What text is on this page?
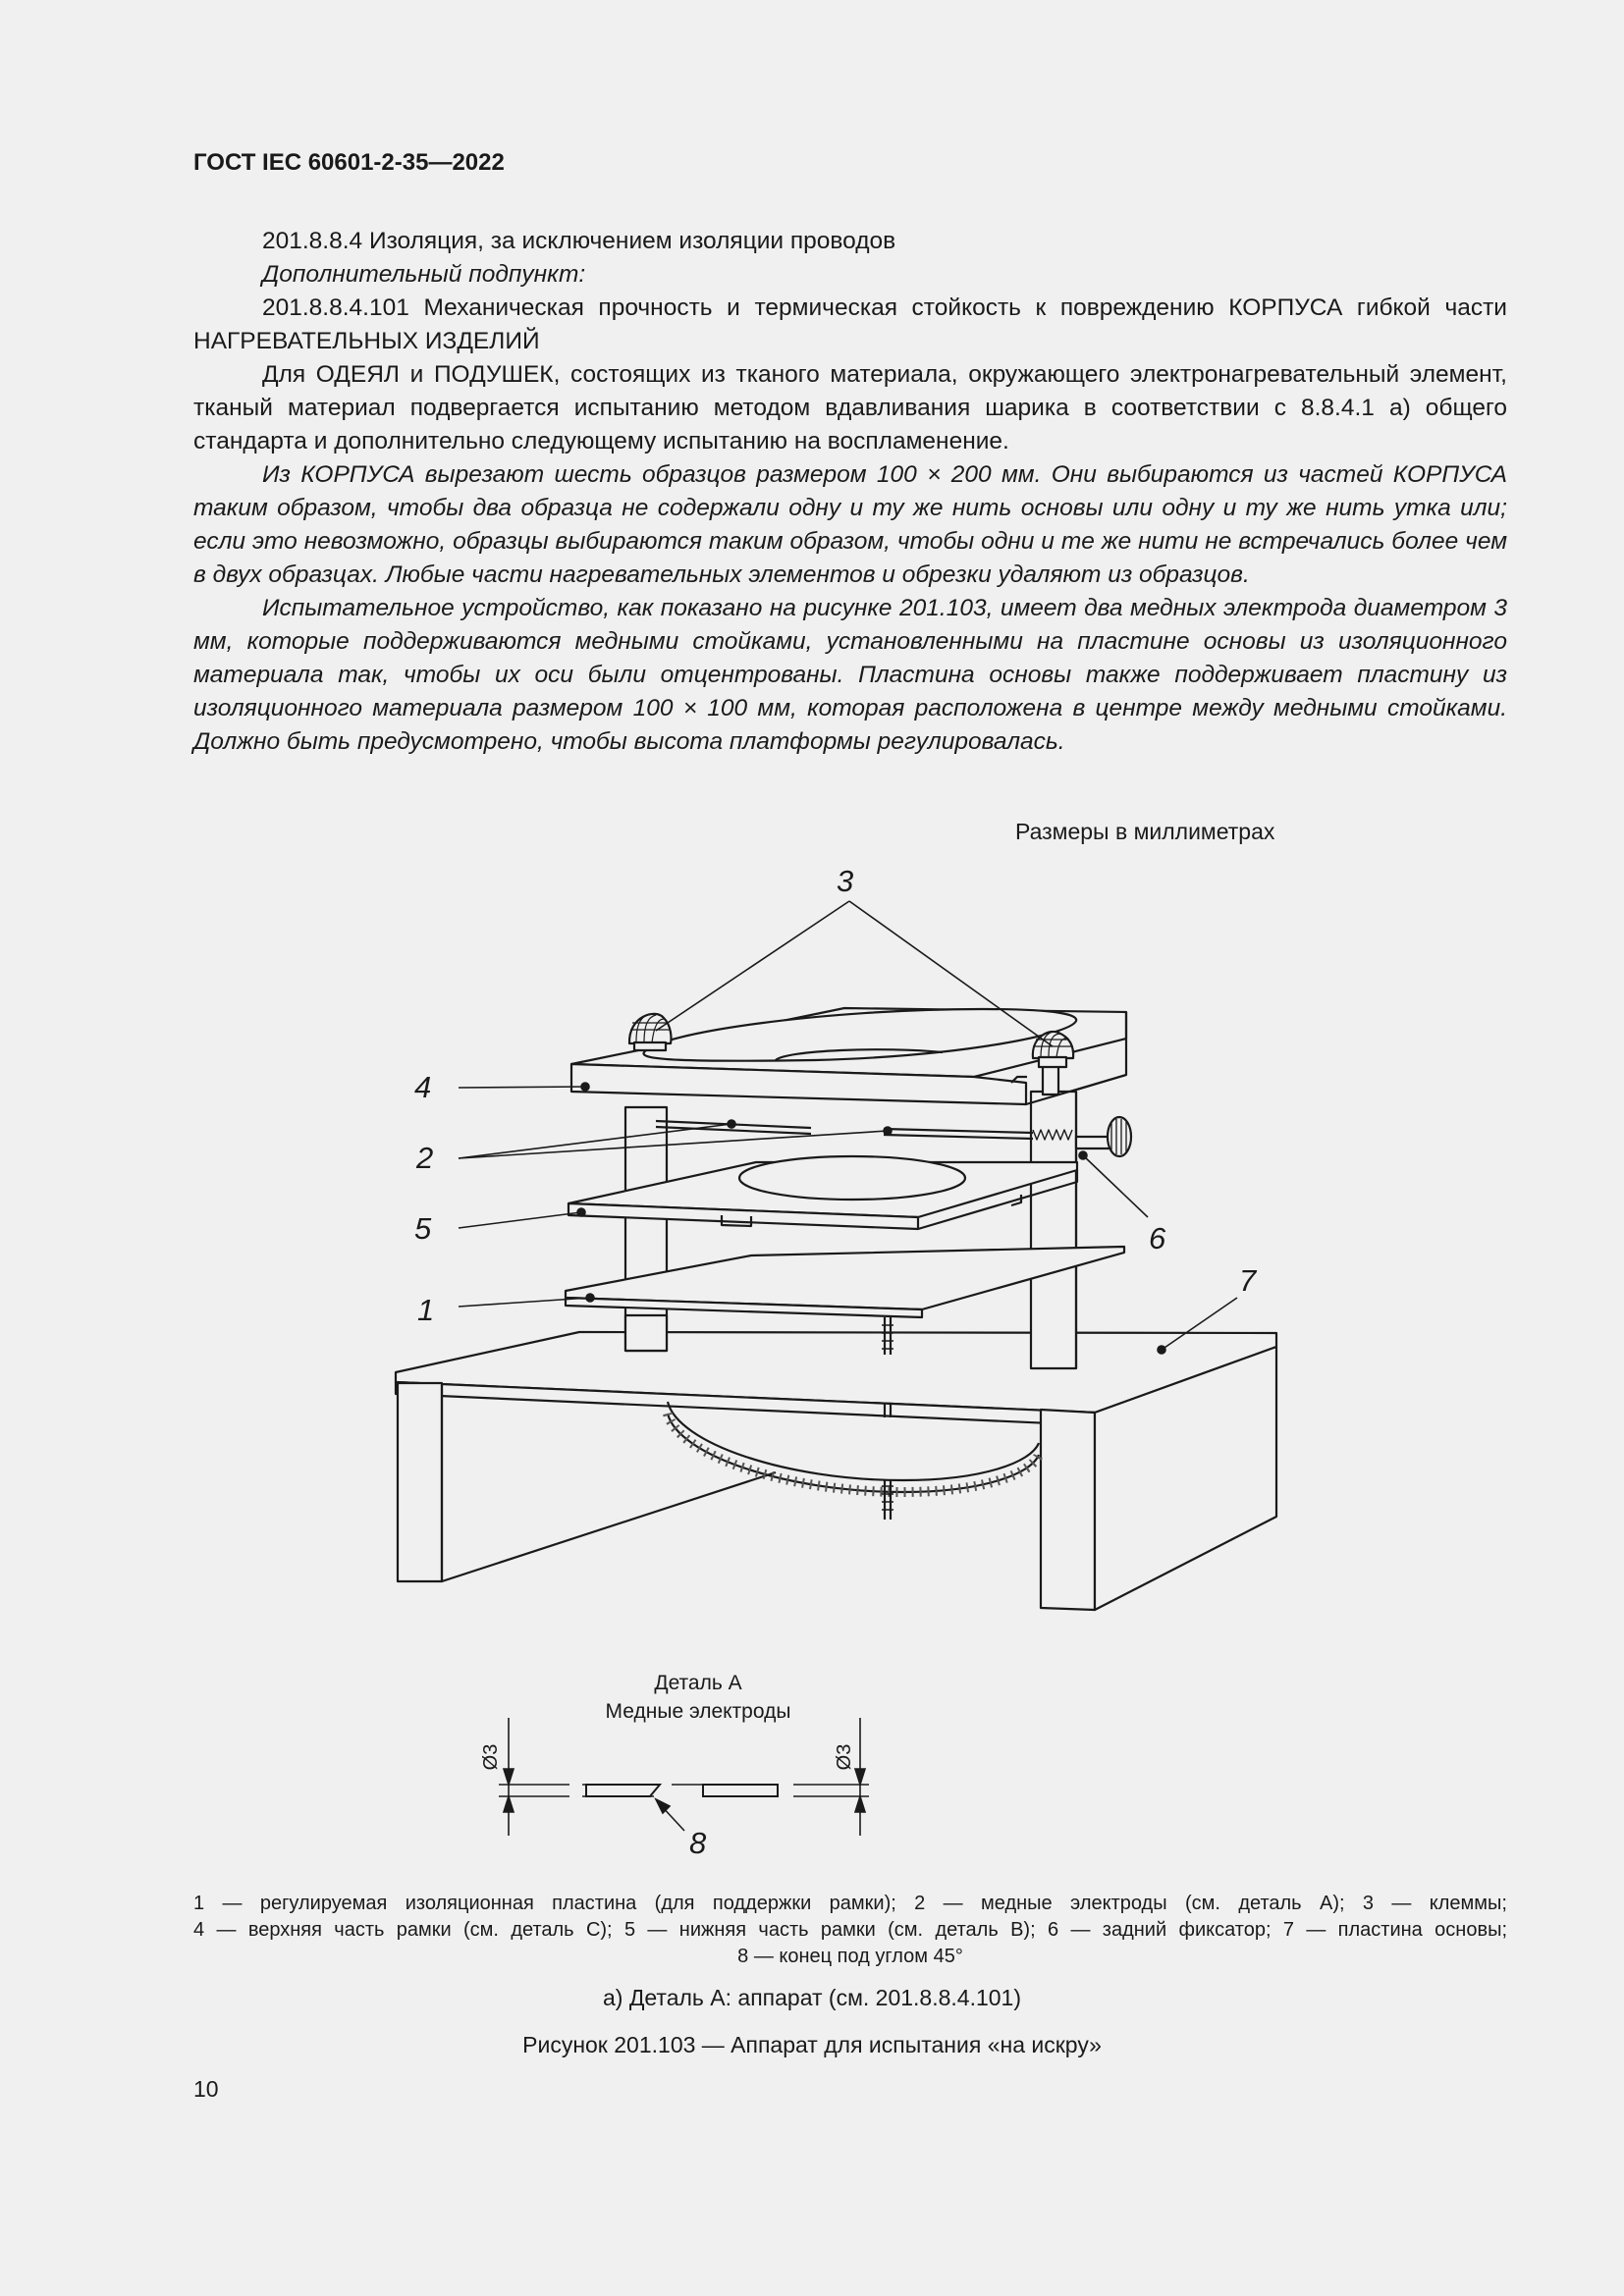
ГОСТ IEC 60601-2-35—2022

201.8.8.4 Изоляция, за исключением изоляции проводов

Дополнительный подпункт:

201.8.8.4.101 Механическая прочность и термическая стойкость к повреждению КОРПУСА гибкой части НАГРЕВАТЕЛЬНЫХ ИЗДЕЛИЙ

Для ОДЕЯЛ и ПОДУШЕК, состоящих из тканого материала, окружающего электронагревательный элемент, тканый материал подвергается испытанию методом вдавливания шарика в соответствии с 8.8.4.1 a) общего стандарта и дополнительно следующему испытанию на воспламенение.

Из КОРПУСА вырезают шесть образцов размером 100 × 200 мм. Они выбираются из частей КОРПУСА таким образом, чтобы два образца не содержали одну и ту же нить основы или одну и ту же нить утка или; если это невозможно, образцы выбираются таким образом, чтобы одни и те же нити не встречались более чем в двух образцах. Любые части нагревательных элементов и обрезки удаляют из образцов.

Испытательное устройство, как показано на рисунке 201.103, имеет два медных электрода диаметром 3 мм, которые поддерживаются медными стойками, установленными на пластине основы из изоляционного материала так, чтобы их оси были отцентрованы. Пластина основы также поддерживает пластину из изоляционного материала размером 100 × 100 мм, которая расположена в центре между медными стойками. Должно быть предусмотрено, чтобы высота платформы регулировалась.

Размеры в миллиметрах
3
4
2
5	6
7
1
Деталь А
Медные электроды
Ø3	Ø3
8

1 — регулируемая изоляционная пластина (для поддержки рамки); 2 — медные электроды (см. деталь А); 3 — клеммы;

4 — верхняя часть рамки (см. деталь С); 5 — нижняя часть рамки (см. деталь В); 6 — задний фиксатор; 7 — пластина основы;

8 — конец под углом 45°

а) Деталь А: аппарат (см. 201.8.8.4.101)
Рисунок 201.103 — Аппарат для испытания «на искру»
10
